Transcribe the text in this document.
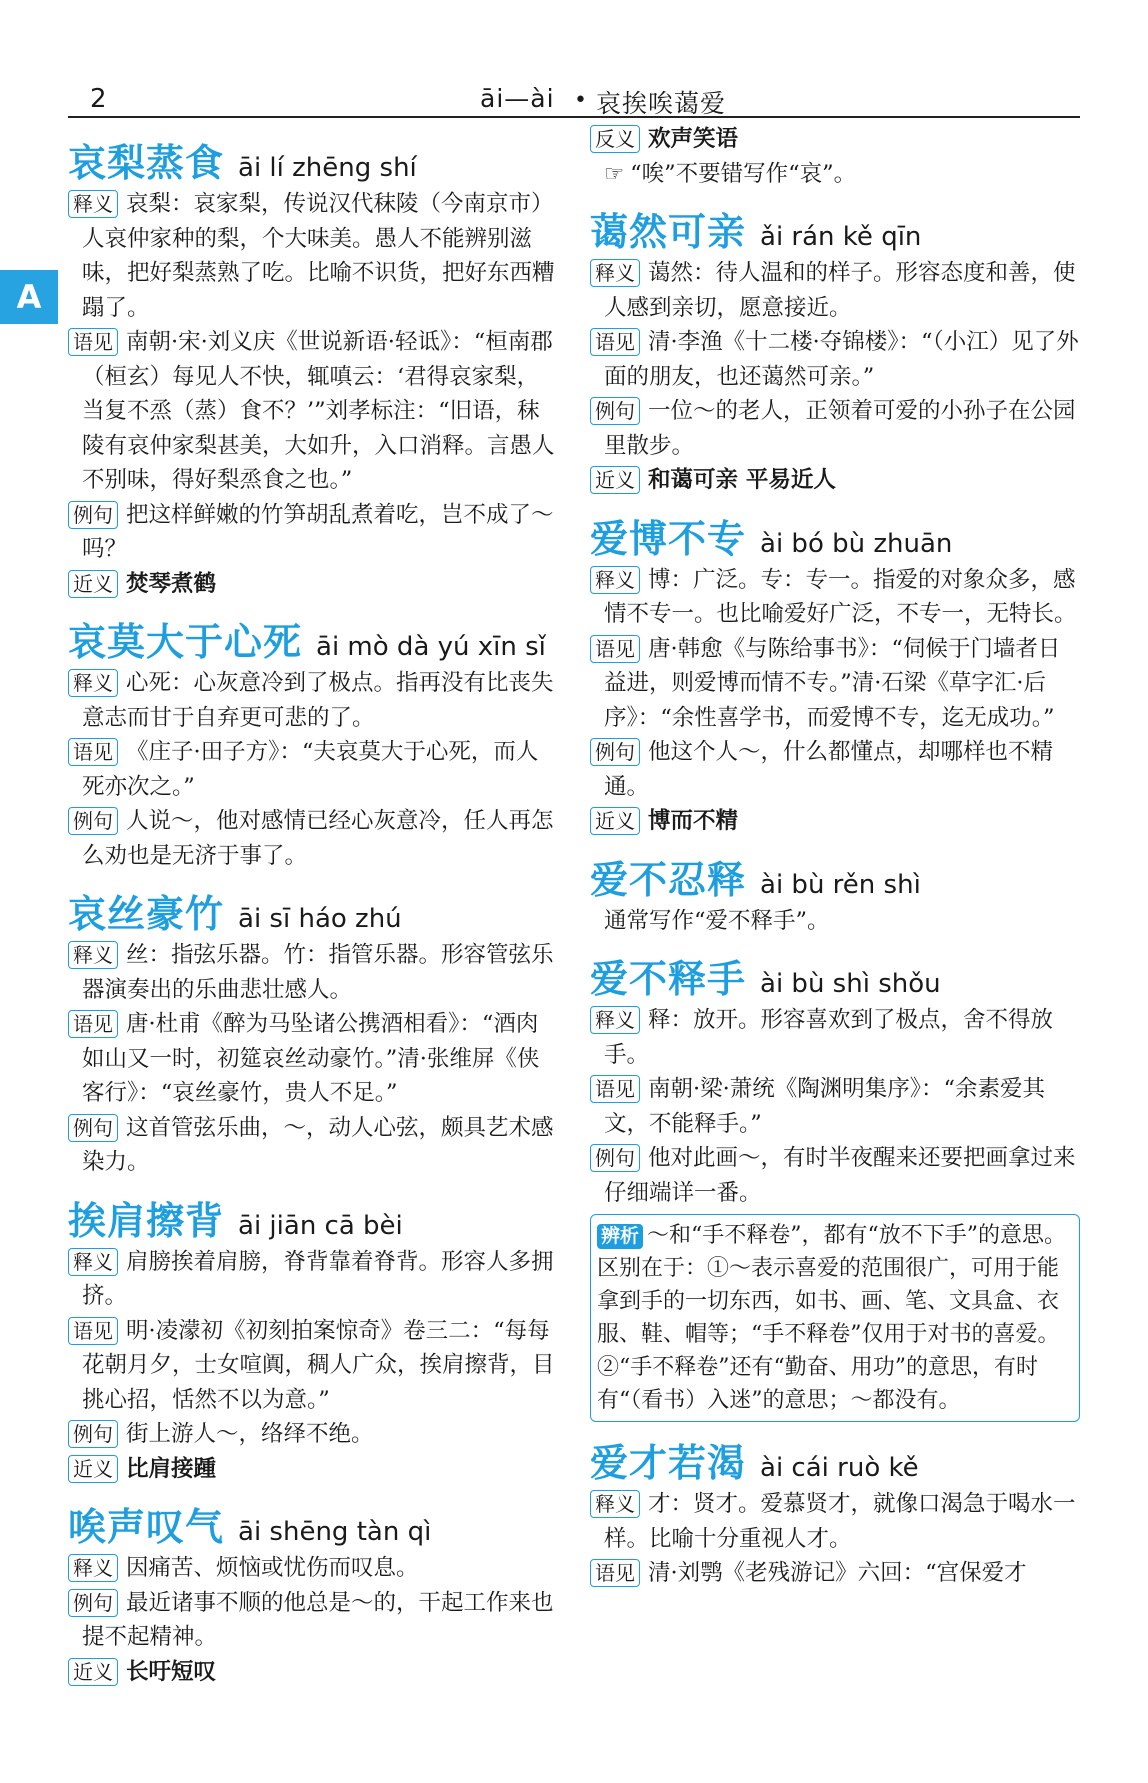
2	āi—ài • 哀挨唉蔼爱
A
哀梨蒸食 āi lí zhēng shí
释义 哀梨：哀家梨，传说汉代秣陵（今南京市）人哀仲家种的梨，个大味美。愚人不能辨别滋味，把好梨蒸熟了吃。比喻不识货，把好东西糟蹋了。
语见 南朝·宋·刘义庆《世说新语·轻诋》：“桓南郡（桓玄）每见人不快，辄嗔云：‘君得哀家梨，当复不烝（蒸）食不？’”刘孝标注：“旧语，秣陵有哀仲家梨甚美，大如升，入口消释。言愚人不别味，得好梨烝食之也。”
例句 把这样鲜嫩的竹笋胡乱煮着吃，岂不成了～吗？
近义 焚琴煮鹤
哀莫大于心死 āi mò dà yú xīn sǐ
释义 心死：心灰意冷到了极点。指再没有比丧失意志而甘于自弃更可悲的了。
语见 《庄子·田子方》：“夫哀莫大于心死，而人死亦次之。”
例句 人说～，他对感情已经心灰意冷，任人再怎么劝也是无济于事了。
哀丝豪竹 āi sī háo zhú
释义 丝：指弦乐器。竹：指管乐器。形容管弦乐器演奏出的乐曲悲壮感人。
语见 唐·杜甫《醉为马坠诸公携酒相看》：“酒肉如山又一时，初筵哀丝动豪竹。”清·张维屏《侠客行》：“哀丝豪竹，贵人不足。”
例句 这首管弦乐曲，～，动人心弦，颇具艺术感染力。
挨肩擦背 āi jiān cā bèi
释义 肩膀挨着肩膀，脊背靠着脊背。形容人多拥挤。
语见 明·凌濛初《初刻拍案惊奇》卷三二：“每每花朝月夕，士女喧阗，稠人广众，挨肩擦背，目挑心招，恬然不以为意。”
例句 街上游人～，络绎不绝。
近义 比肩接踵
唉声叹气 āi shēng tàn qì
释义 因痛苦、烦恼或忧伤而叹息。
例句 最近诸事不顺的他总是～的，干起工作来也提不起精神。
近义 长吁短叹
反义 欢声笑语
☞ “唉”不要错写作“哀”。
蔼然可亲 ǎi rán kě qīn
释义 蔼然：待人温和的样子。形容态度和善，使人感到亲切，愿意接近。
语见 清·李渔《十二楼·夺锦楼》：“（小江）见了外面的朋友，也还蔼然可亲。”
例句 一位～的老人，正领着可爱的小孙子在公园里散步。
近义 和蔼可亲 平易近人
爱博不专 ài bó bù zhuān
释义 博：广泛。专：专一。指爱的对象众多，感情不专一。也比喻爱好广泛，不专一，无特长。
语见 唐·韩愈《与陈给事书》：“伺候于门墙者日益进，则爱博而情不专。”清·石梁《草字汇·后序》：“余性喜学书，而爱博不专，迄无成功。”
例句 他这个人～，什么都懂点，却哪样也不精通。
近义 博而不精
爱不忍释 ài bù rěn shì
通常写作“爱不释手”。
爱不释手 ài bù shì shǒu
释义 释：放开。形容喜欢到了极点，舍不得放手。
语见 南朝·梁·萧统《陶渊明集序》：“余素爱其文，不能释手。”
例句 他对此画～，有时半夜醒来还要把画拿过来仔细端详一番。
辨析 ～和“手不释卷”，都有“放不下手”的意思。区别在于：①～表示喜爱的范围很广，可用于能拿到手的一切东西，如书、画、笔、文具盒、衣服、鞋、帽等；“手不释卷”仅用于对书的喜爱。②“手不释卷”还有“勤奋、用功”的意思，有时有“（看书）入迷”的意思；～都没有。
爱才若渴 ài cái ruò kě
释义 才：贤才。爱慕贤才，就像口渴急于喝水一样。比喻十分重视人才。
语见 清·刘鹗《老残游记》六回：“宫保爱才
